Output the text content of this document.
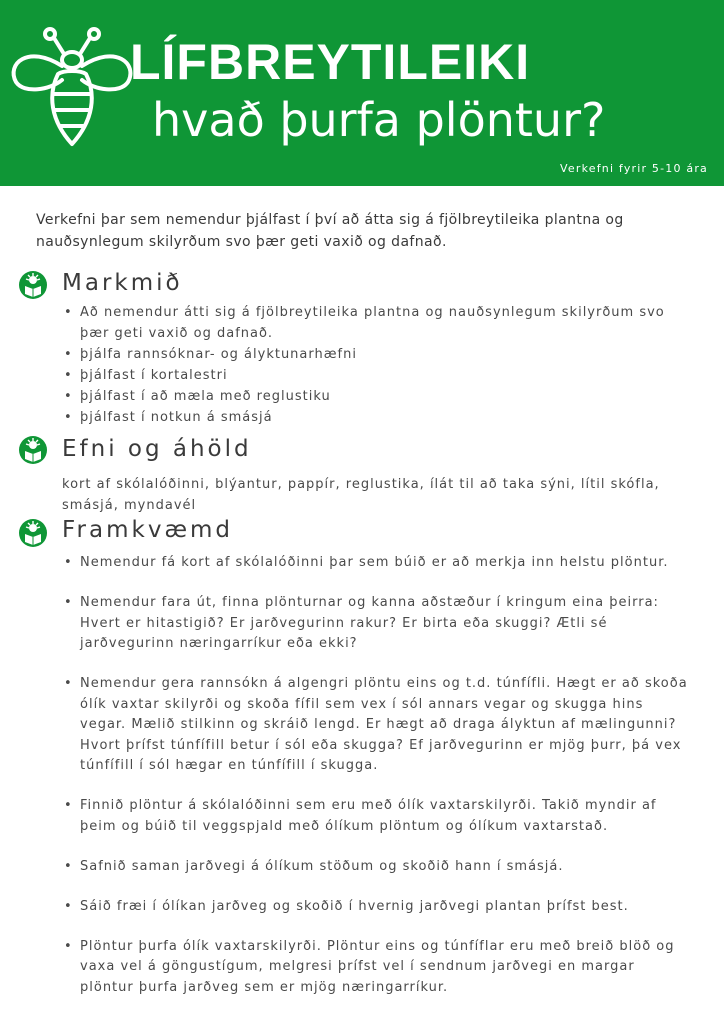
LÍFBREYTILEIKI
hvað þurfa plöntur?
Verkefni fyrir 5-10 ára
Verkefni þar sem nemendur þjálfast í því að átta sig á fjölbreytileika plantna og nauðsynlegum skilyrðum svo þær geti vaxið og dafnað.
Markmið
• Að nemendur átti sig á fjölbreytileika plantna og nauðsynlegum skilyrðum svo þær geti vaxið og dafnað.
• þjálfa rannsóknar- og ályktunarhæfni
• þjálfast í kortalestri
• þjálfast í að mæla með reglustiku
• þjálfast í notkun á smásjá
Efni og áhöld
kort af skólalóðinni, blýantur, pappír, reglustika, ílát til að taka sýni, lítil skófla, smásjá, myndavél
Framkvæmd
• Nemendur fá kort af skólalóðinni þar sem búið er að merkja inn helstu plöntur.
• Nemendur fara út, finna plönturnar og kanna aðstæður í kringum eina þeirra: Hvert er hitastigið? Er jarðvegurinn rakur? Er birta eða skuggi? Ætli sé jarðvegurinn næringarríkur eða ekki?
• Nemendur gera rannsókn á algengri plöntu eins og t.d. túnfífli. Hægt er að skoða ólík vaxtar skilyrði og skoða fífil sem vex í sól annars vegar og skugga hins vegar. Mælið stilkinn og skráið lengd. Er hægt að draga ályktun af mælingunni? Hvort þrífst túnfífill betur í sól eða skugga? Ef jarðvegurinn er mjög þurr, þá vex túnfífill í sól hægar en túnfífill í skugga.
• Finnið plöntur á skólalóðinni sem eru með ólík vaxtarskilyrði. Takið myndir af þeim og búið til veggspjald með ólíkum plöntum og ólíkum vaxtarstað.
• Safnið saman jarðvegi á ólíkum stöðum og skoðið hann í smásjá.
• Sáið fræi í ólíkan jarðveg og skoðið í hvernig jarðvegi plantan þrífst best.
• Plöntur þurfa ólík vaxtarskilyrði. Plöntur eins og túnfíflar eru með breið blöð og vaxa vel á göngustígum, melgresi þrífst vel í sendnum jarðvegi en margar plöntur þurfa jarðveg sem er mjög næringarríkur.
